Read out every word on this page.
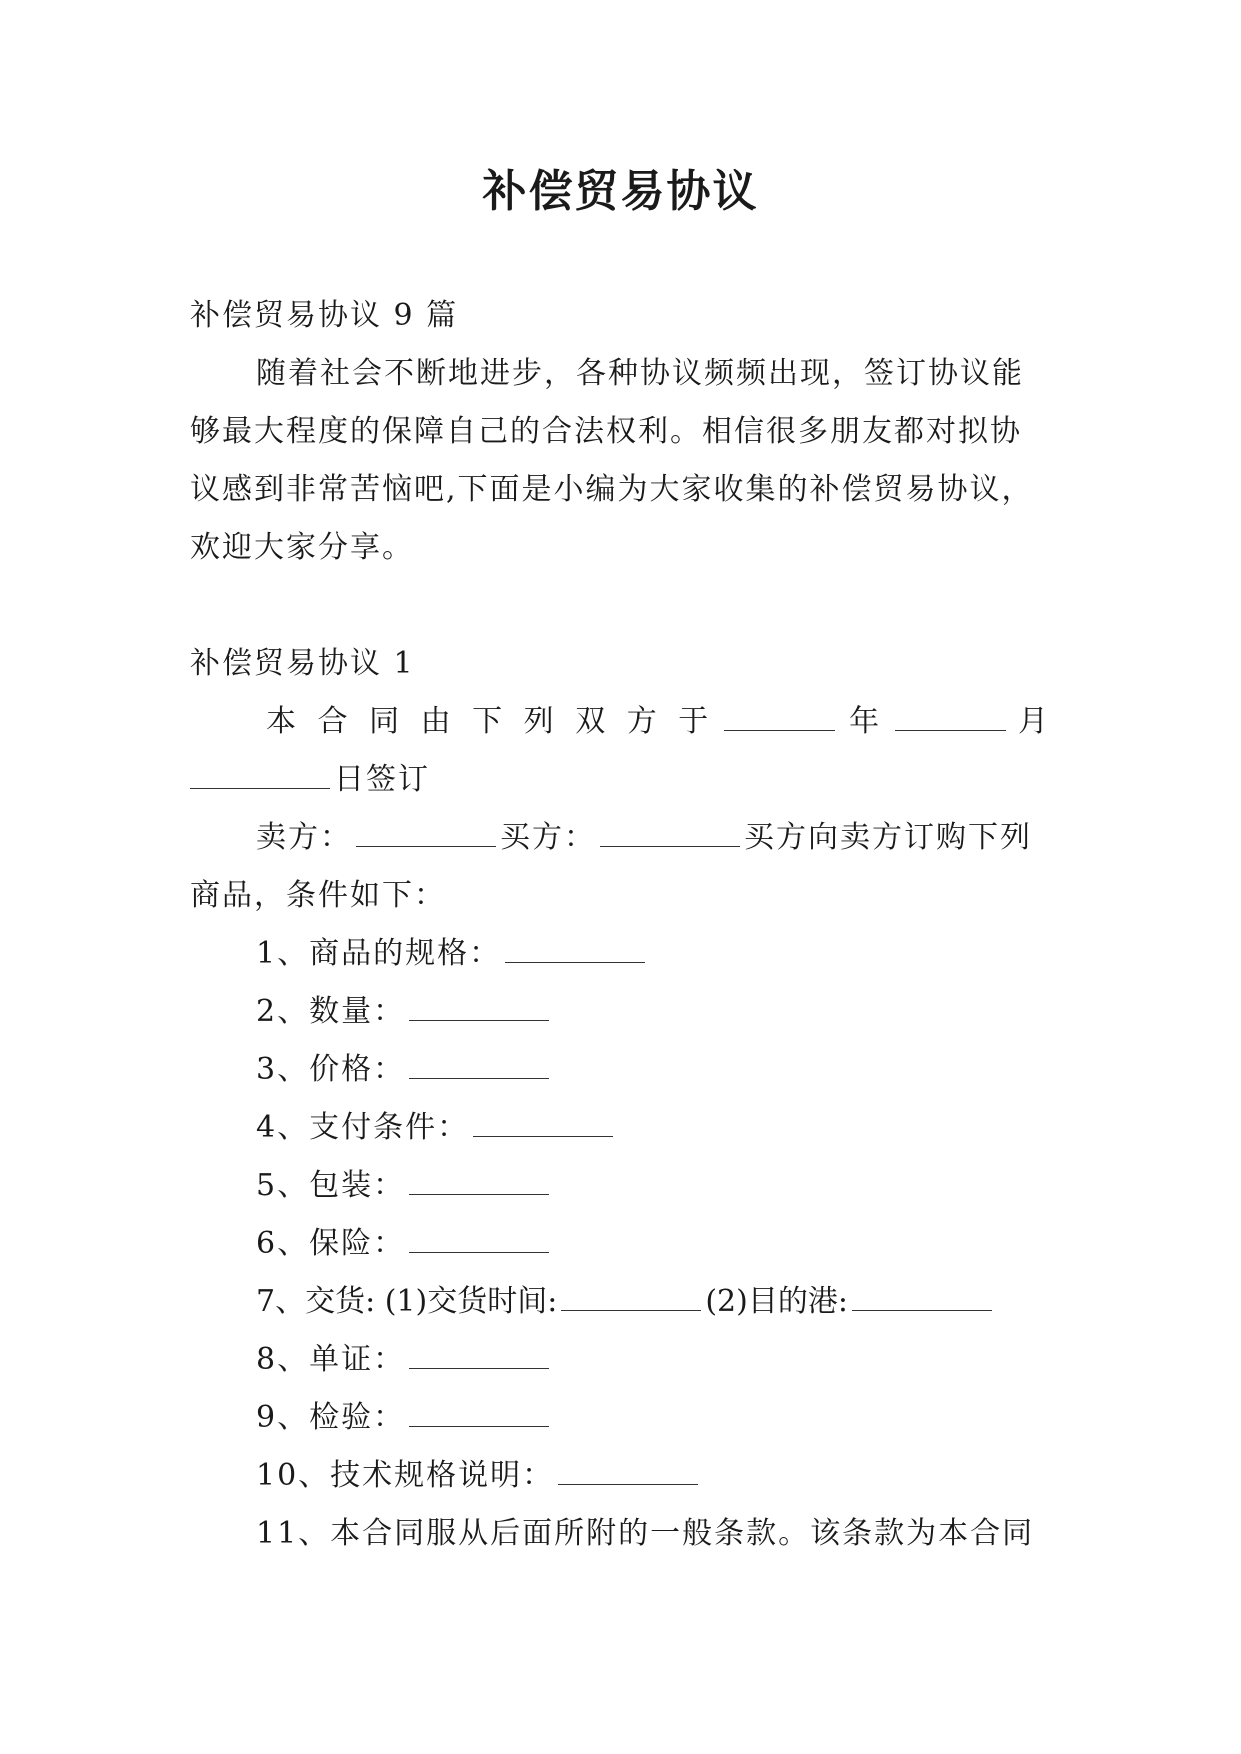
补偿贸易协议
补偿贸易协议 9 篇
随着社会不断地进步，各种协议频频出现，签订协议能
够最大程度的保障自己的合法权利。相信很多朋友都对拟协
议感到非常苦恼吧,下面是小编为大家收集的补偿贸易协议，
欢迎大家分享。
补偿贸易协议 1
本 合 同 由 下 列 双 方 于	年	月
日签订
卖方：	买方：	买方向卖方订购下列
商品，条件如下：
1、商品的规格：
2、数量：
3、价格：
4、支付条件：
5、包装：
6、保险：
7、交货: (1)交货时间:	(2)目的港:
8、单证：
9、检验：
10、技术规格说明：
11、本合同服从后面所附的一般条款。该条款为本合同
